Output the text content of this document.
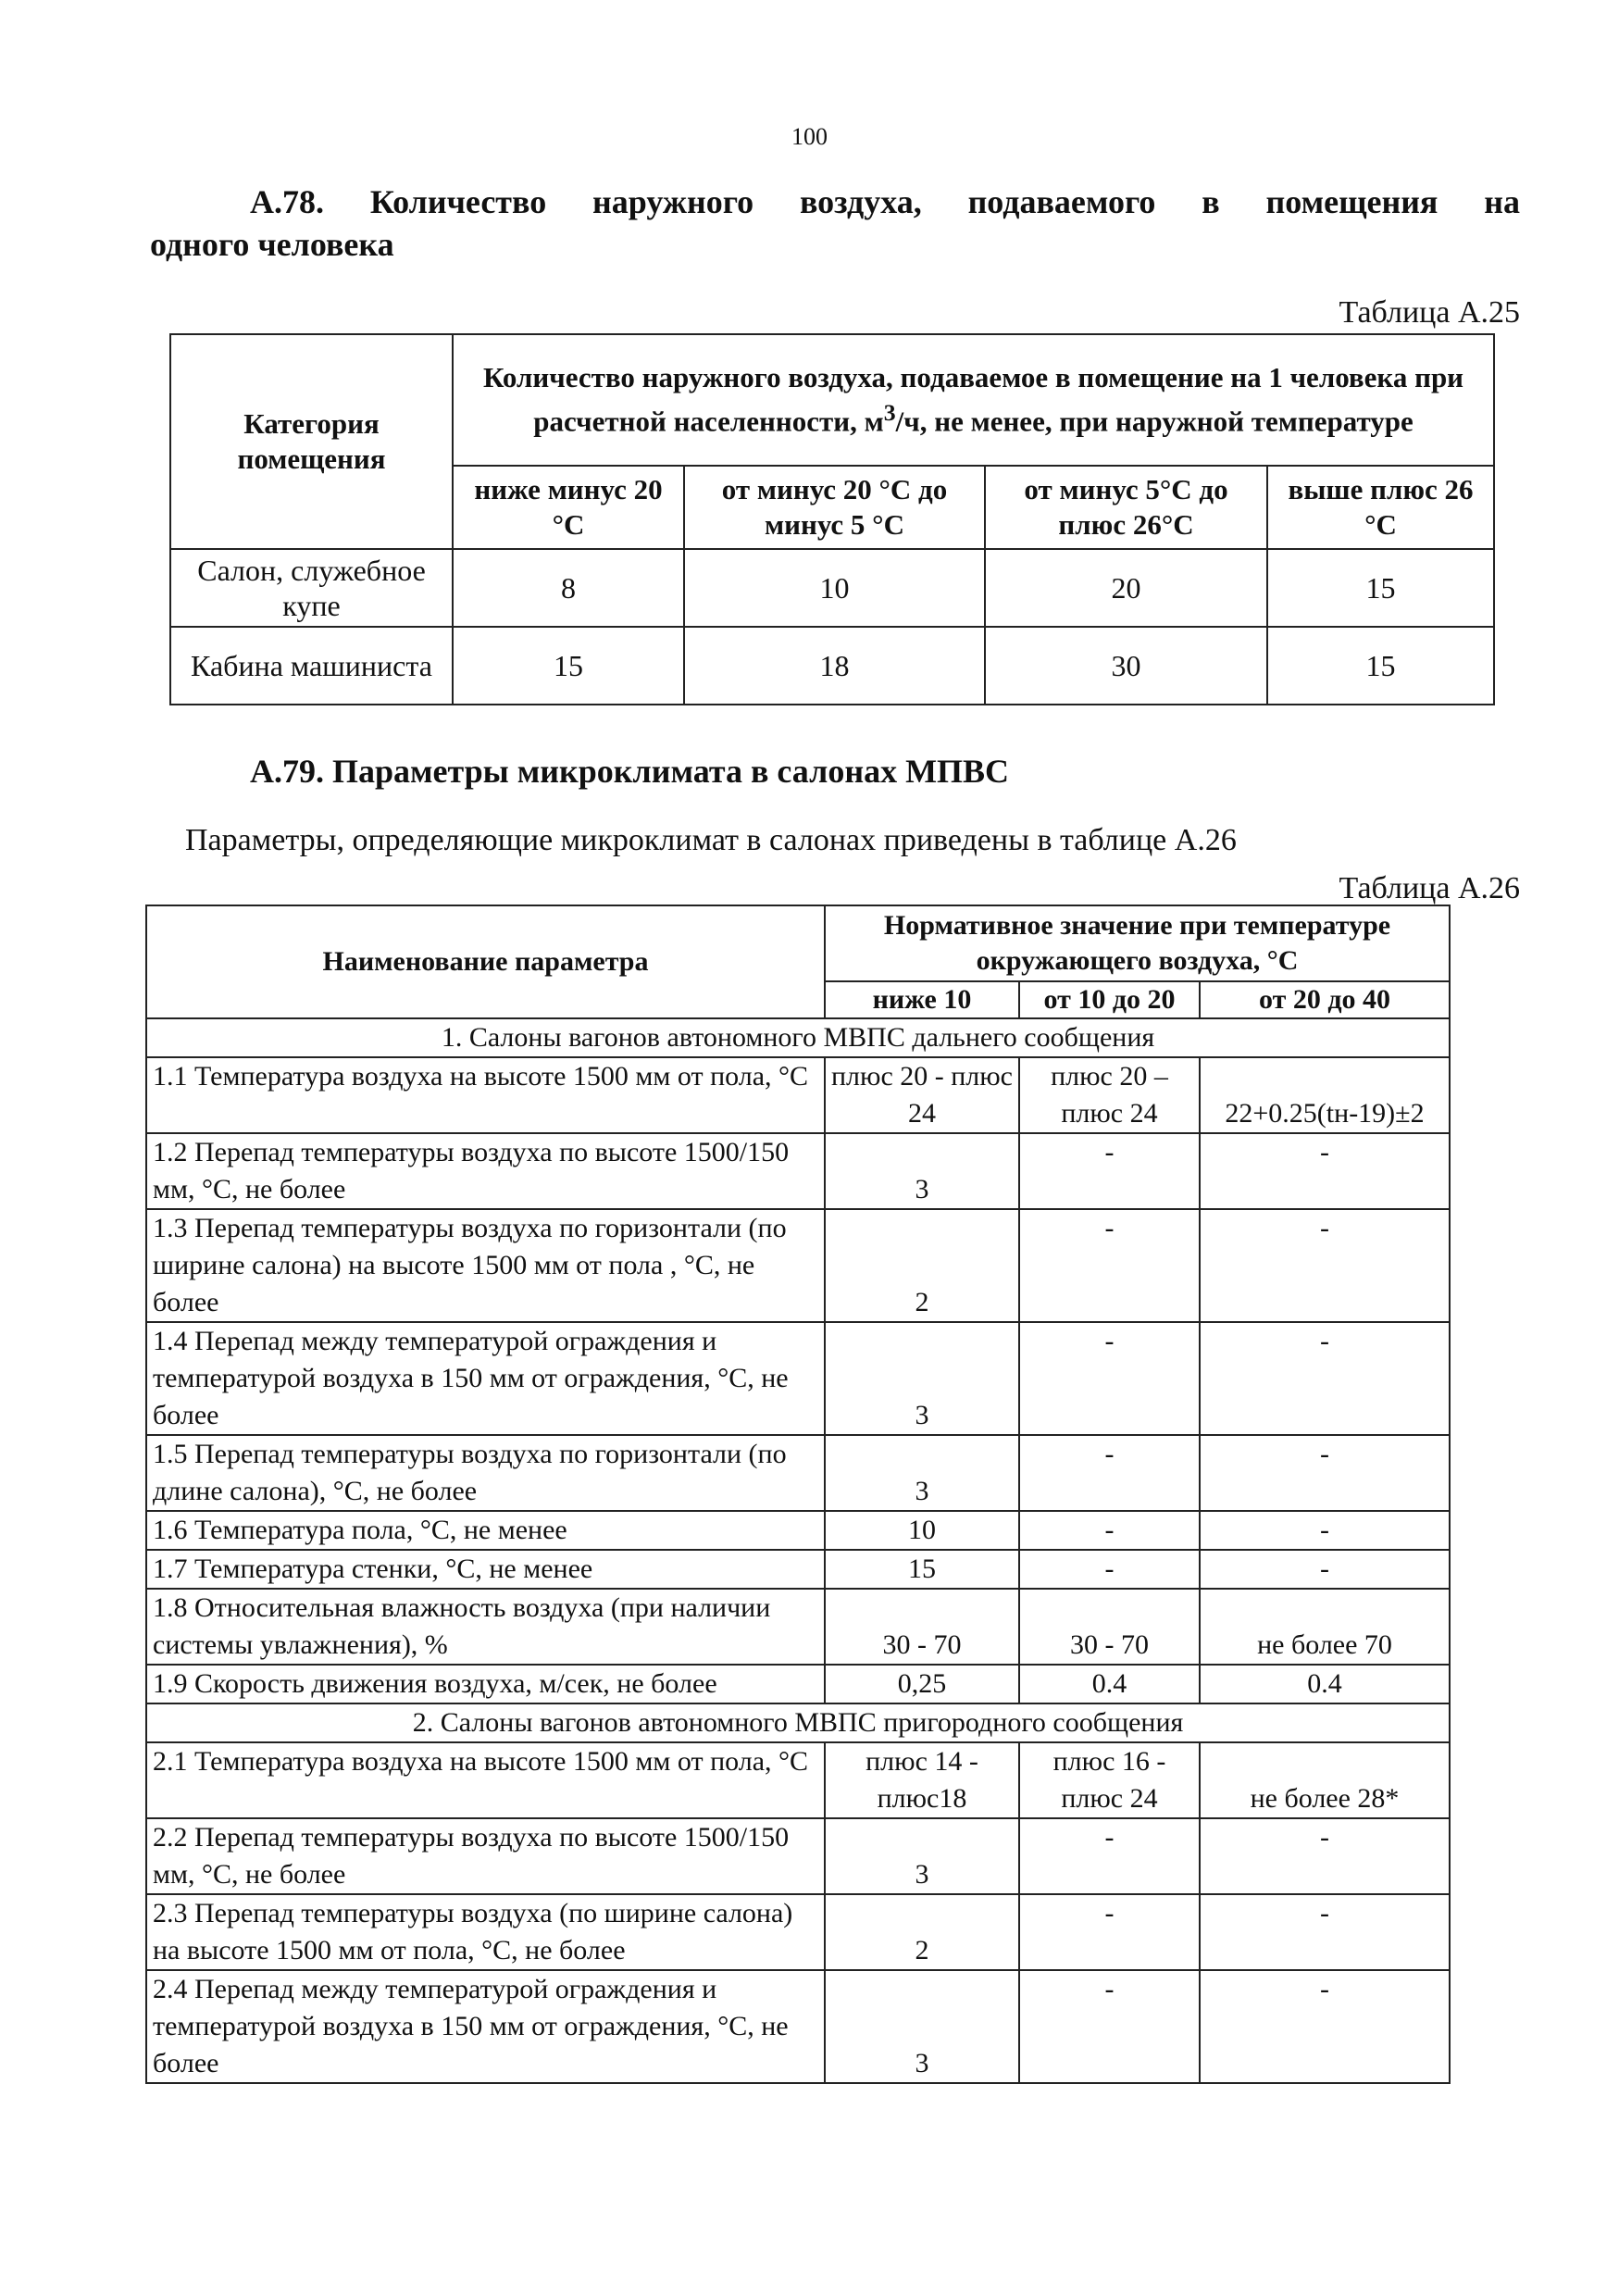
100
А.78. Количество наружного воздуха, подаваемого в помещения на
одного человека
Таблица А.25
Категория помещения	Количество наружного воздуха, подаваемое в помещение на 1 человека при расчетной населенности, $м^3/ч$, не менее, при наружной температуре			
	ниже минус 20 °С	от минус 20 °С до минус 5 °С	от минус 5°С до плюс 26°С	выше плюс 26 °С
Салон, служебное купе	8	10	20	15
Кабина машиниста	15	18	30	15
А.79. Параметры микроклимата в салонах МПВС
Параметры, определяющие микроклимат в салонах приведены в таблице А.26
Таблица А.26
Наименование параметра	Нормативное значение при температуре окружающего воздуха, °С		
	ниже 10	от 10 до 20	от 20 до 40
1. Салоны вагонов автономного МВПС дальнего сообщения			
1.1 Температура воздуха на высоте 1500 мм от пола, °С	плюс 20 - плюс 24	плюс 20 – плюс 24	22+0.25(tн-19)±2
1.2 Перепад температуры воздуха по высоте 1500/150 мм, °С, не более	3	-	-
1.3 Перепад температуры воздуха по горизонтали (по ширине салона) на высоте 1500 мм от пола , °С, не более	2	-	-
1.4 Перепад между температурой ограждения и температурой воздуха в 150 мм от ограждения, °С, не более	3	-	-
1.5 Перепад температуры воздуха по горизонтали (по длине салона), °С, не более	3	-	-
1.6 Температура пола, °С, не менее	10	-	-
1.7 Температура стенки, °С, не менее	15	-	-
1.8 Относительная влажность воздуха (при наличии системы увлажнения), %	30 - 70	30 - 70	не более 70
1.9 Скорость движения воздуха, м/сек, не более	0,25	0.4	0.4
2. Салоны вагонов автономного МВПС пригородного сообщения			
2.1 Температура воздуха на высоте 1500 мм от пола, °С	плюс 14 - плюс18	плюс 16 - плюс 24	не более 28*
2.2 Перепад температуры воздуха по высоте 1500/150 мм, °С, не более	3	-	-
2.3 Перепад температуры воздуха (по ширине салона) на высоте 1500 мм от пола, °С, не более	2	-	-
2.4 Перепад между температурой ограждения и температурой воздуха в 150 мм от ограждения, °С, не более	3	-	-
